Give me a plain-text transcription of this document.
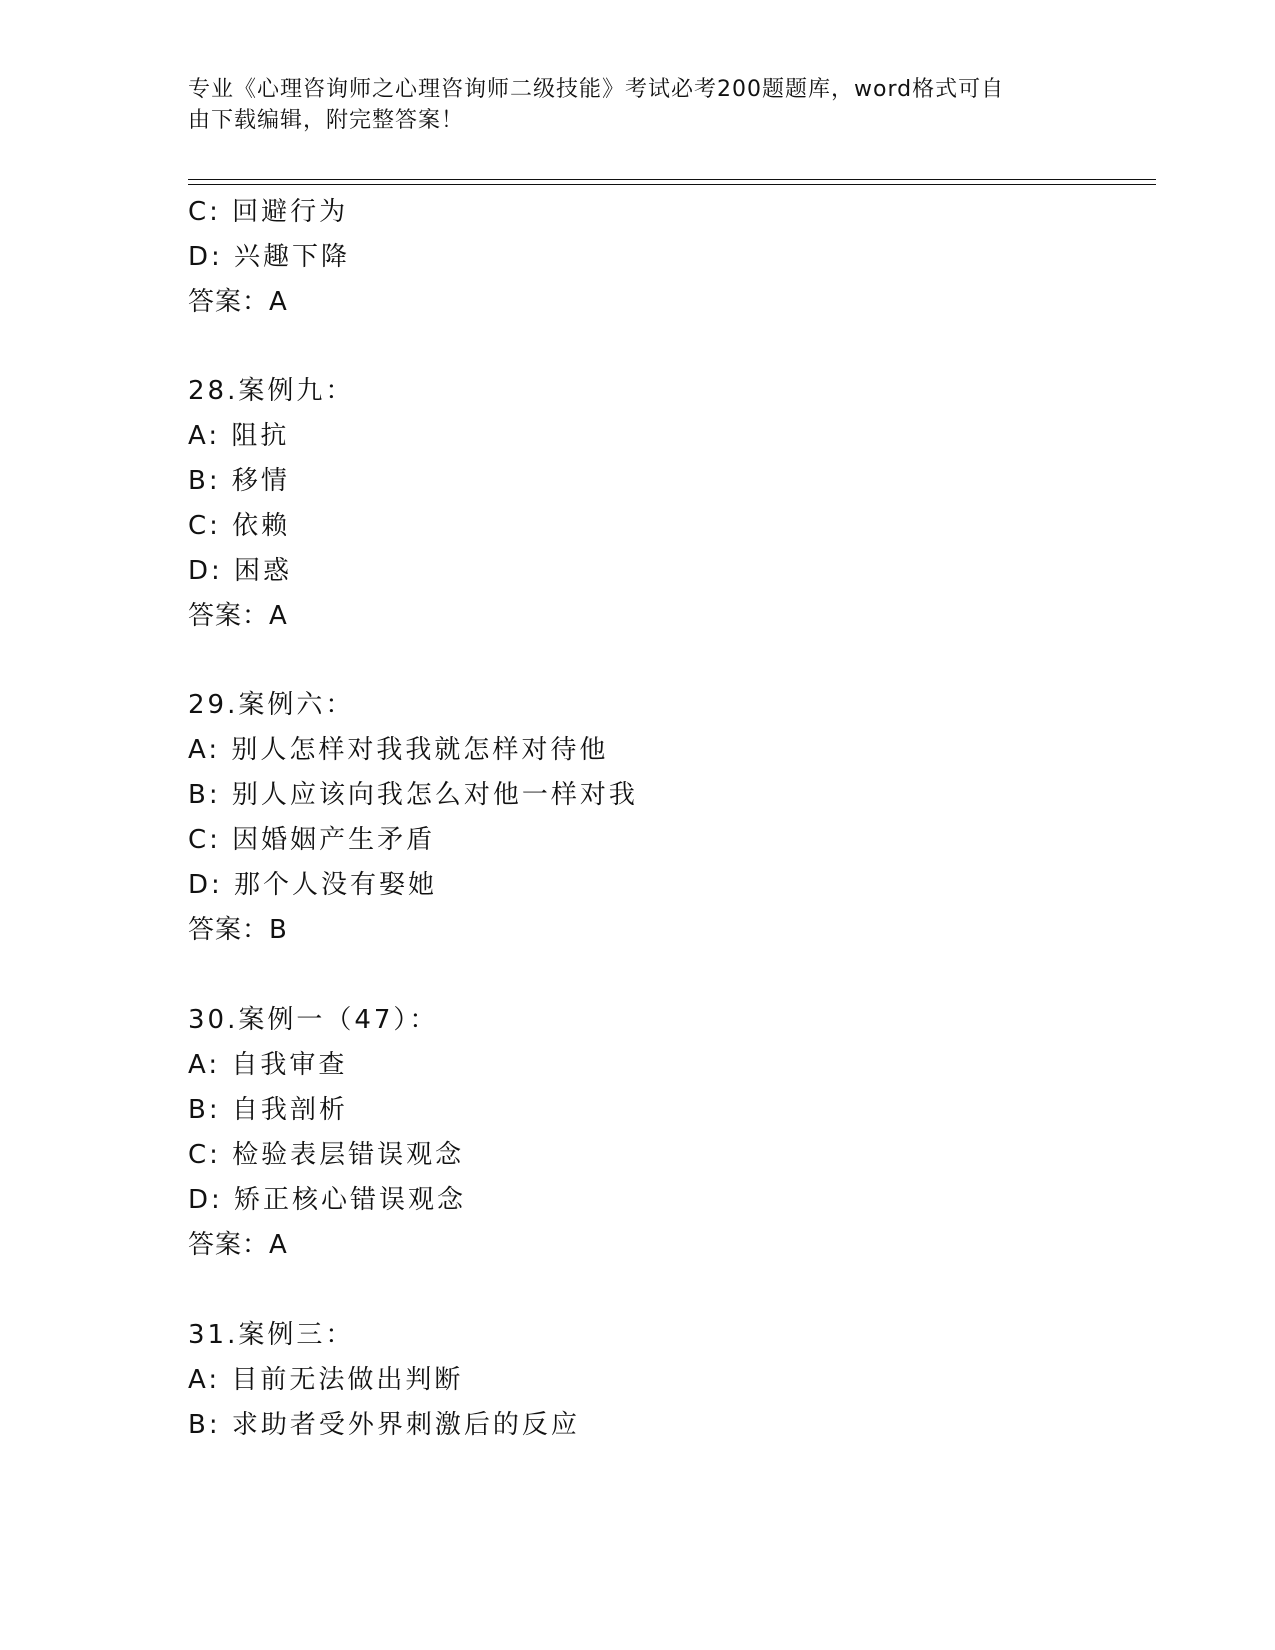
专业《心理咨询师之心理咨询师二级技能》考试必考200题题库，word格式可自
由下载编辑，附完整答案！
C: 回避行为
D: 兴趣下降
答案：A
28.案例九：
A: 阻抗
B: 移情
C: 依赖
D: 困惑
答案：A
29.案例六：
A: 别人怎样对我我就怎样对待他
B: 别人应该向我怎么对他一样对我
C: 因婚姻产生矛盾
D: 那个人没有娶她
答案：B
30.案例一（47）：
A: 自我审查
B: 自我剖析
C: 检验表层错误观念
D: 矫正核心错误观念
答案：A
31.案例三：
A: 目前无法做出判断
B: 求助者受外界刺激后的反应
